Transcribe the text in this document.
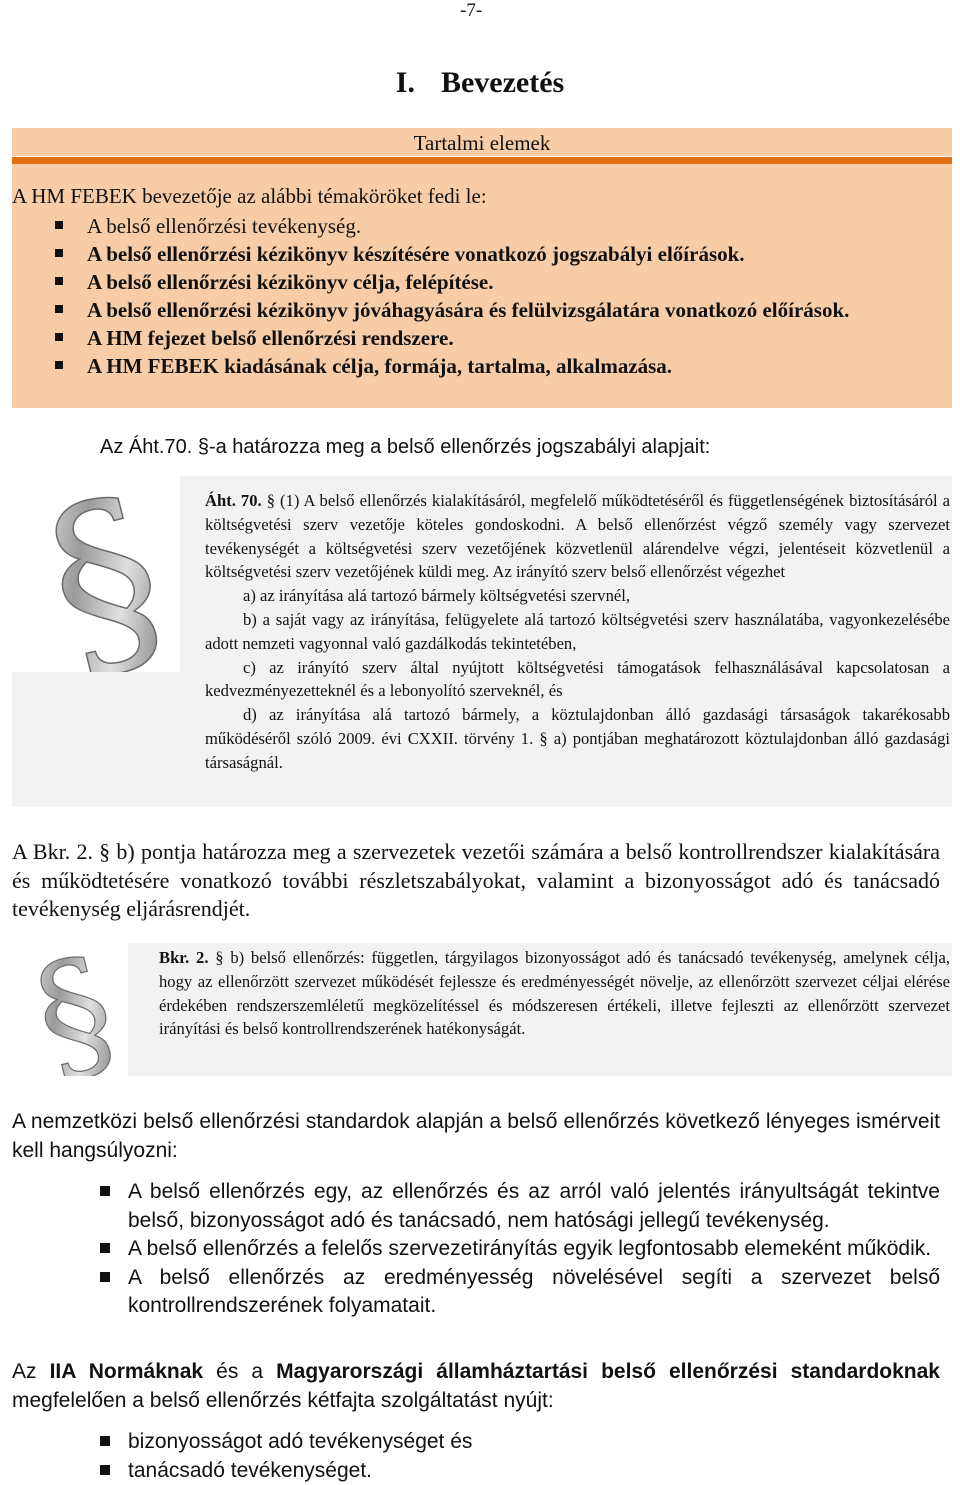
-7-
I. Bevezetés
Tartalmi elemek
A HM FEBEK bevezetője az alábbi témaköröket fedi le:
A belső ellenőrzési tevékenység.
A belső ellenőrzési kézikönyv készítésére vonatkozó jogszabályi előírások.
A belső ellenőrzési kézikönyv célja, felépítése.
A belső ellenőrzési kézikönyv jóváhagyására és felülvizsgálatára vonatkozó előírások.
A HM fejezet belső ellenőrzési rendszere.
A HM FEBEK kiadásának célja, formája, tartalma, alkalmazása.
Az Áht.70. §-a határozza meg a belső ellenőrzés jogszabályi alapjait:
§ Áht. 70. § (1) A belső ellenőrzés kialakításáról, megfelelő működtetéséről és függetlenségének biztosításáról a költségvetési szerv vezetője köteles gondoskodni. A belső ellenőrzést végző személy vagy szervezet tevékenységét a költségvetési szerv vezetőjének közvetlenül alárendelve végzi, jelentéseit közvetlenül a költségvetési szerv vezetőjének küldi meg. Az irányító szerv belső ellenőrzést végezhet
a) az irányítása alá tartozó bármely költségvetési szervnél,
b) a saját vagy az irányítása, felügyelete alá tartozó költségvetési szerv használatába, vagyonkezelésébe adott nemzeti vagyonnal való gazdálkodás tekintetében,
c) az irányító szerv által nyújtott költségvetési támogatások felhasználásával kapcsolatosan a kedvezményezetteknél és a lebonyolító szerveknél, és
d) az irányítása alá tartozó bármely, a köztulajdonban álló gazdasági társaságok takarékosabb működéséről szóló 2009. évi CXXII. törvény 1. § a) pontjában meghatározott köztulajdonban álló gazdasági társaságnál.
A Bkr. 2. § b) pontja határozza meg a szervezetek vezetői számára a belső kontrollrendszer kialakítására és működtetésére vonatkozó további részletszabályokat, valamint a bizonyosságot adó és tanácsadó tevékenység eljárásrendjét.
§ Bkr. 2. § b) belső ellenőrzés: független, tárgyilagos bizonyosságot adó és tanácsadó tevékenység, amelynek célja, hogy az ellenőrzött szervezet működését fejlessze és eredményességét növelje, az ellenőrzött szervezet céljai elérése érdekében rendszerszemléletű megközelítéssel és módszeresen értékeli, illetve fejleszti az ellenőrzött szervezet irányítási és belső kontrollrendszerének hatékonyságát.
A nemzetközi belső ellenőrzési standardok alapján a belső ellenőrzés következő lényeges ismérveit kell hangsúlyozni:
A belső ellenőrzés egy, az ellenőrzés és az arról való jelentés irányultságát tekintve belső, bizonyosságot adó és tanácsadó, nem hatósági jellegű tevékenység.
A belső ellenőrzés a felelős szervezetirányítás egyik legfontosabb elemeként működik.
A belső ellenőrzés az eredményesség növelésével segíti a szervezet belső kontrollrendszerének folyamatait.
Az IIA Normáknak és a Magyarországi államháztartási belső ellenőrzési standardoknak megfelelően a belső ellenőrzés kétfajta szolgáltatást nyújt:
bizonyosságot adó tevékenységet és
tanácsadó tevékenységet.
